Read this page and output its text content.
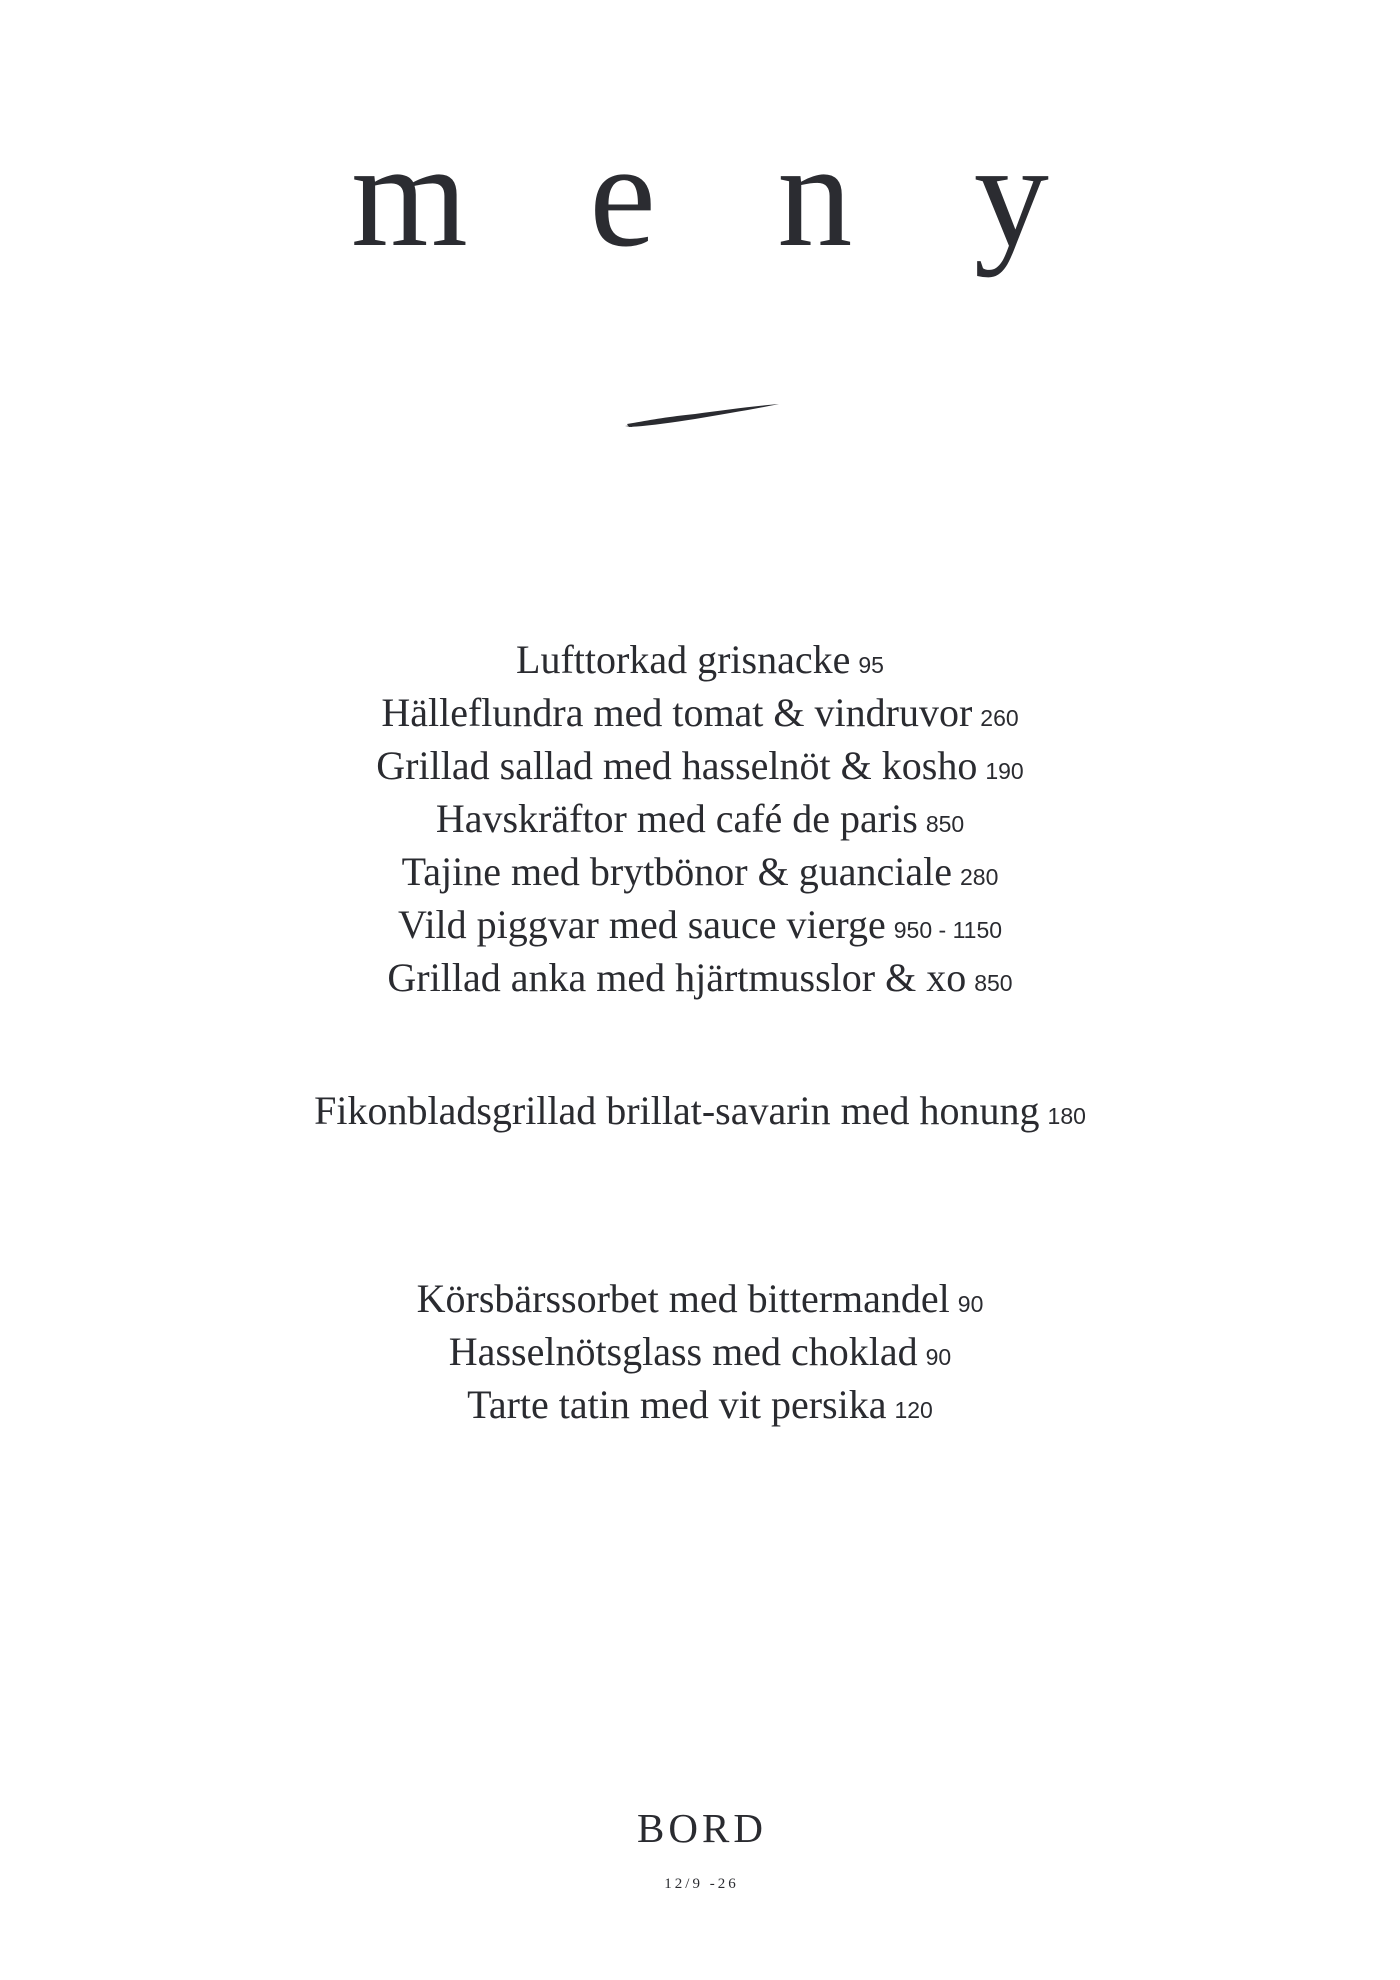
m e n y
Lufttorkad grisnacke 95
Hälleflundra med tomat & vindruvor 260
Grillad sallad med hasselnöt & kosho 190
Havskräftor med café de paris 850
Tajine med brytbönor & guanciale 280
Vild piggvar med sauce vierge 950 - 1150
Grillad anka med hjärtmusslor & xo 850
Fikonbladsgrillad brillat-savarin med honung 180
Körsbärssorbet med bittermandel 90
Hasselnötsglass med choklad 90
Tarte tatin med vit persika 120
BORD
12/9 -26
